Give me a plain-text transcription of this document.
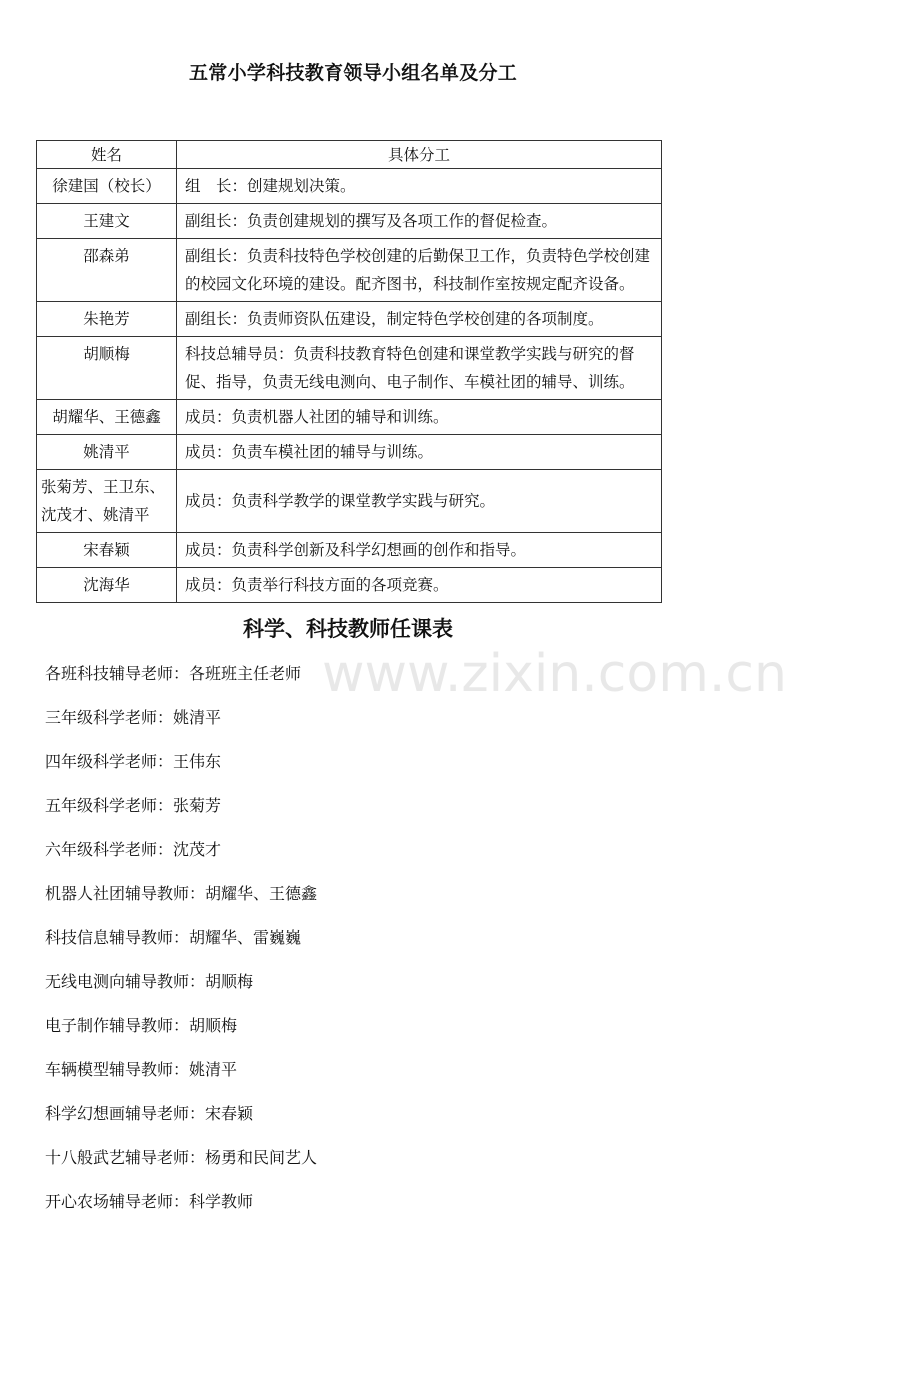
五常小学科技教育领导小组名单及分工
姓名	具体分工
徐建国（校长）	组　长：创建规划决策。
王建文	副组长：负责创建规划的撰写及各项工作的督促检查。
邵森弟	副组长：负责科技特色学校创建的后勤保卫工作，负责特色学校创建的校园文化环境的建设。配齐图书，科技制作室按规定配齐设备。
朱艳芳	副组长：负责师资队伍建设，制定特色学校创建的各项制度。
胡顺梅	科技总辅导员：负责科技教育特色创建和课堂教学实践与研究的督促、指导，负责无线电测向、电子制作、车模社团的辅导、训练。
胡耀华、王德鑫	成员：负责机器人社团的辅导和训练。
姚清平	成员：负责车模社团的辅导与训练。
张菊芳、王卫东、沈茂才、姚清平	成员：负责科学教学的课堂教学实践与研究。
宋春颖	成员：负责科学创新及科学幻想画的创作和指导。
沈海华	成员：负责举行科技方面的各项竞赛。
科学、科技教师任课表
www.zixin.com.cn
各班科技辅导老师：各班班主任老师
三年级科学老师：姚清平
四年级科学老师：王伟东
五年级科学老师：张菊芳
六年级科学老师：沈茂才
机器人社团辅导教师：胡耀华、王德鑫
科技信息辅导教师：胡耀华、雷巍巍
无线电测向辅导教师：胡顺梅
电子制作辅导教师：胡顺梅
车辆模型辅导教师：姚清平
科学幻想画辅导老师：宋春颖
十八般武艺辅导老师：杨勇和民间艺人
开心农场辅导老师：科学教师
